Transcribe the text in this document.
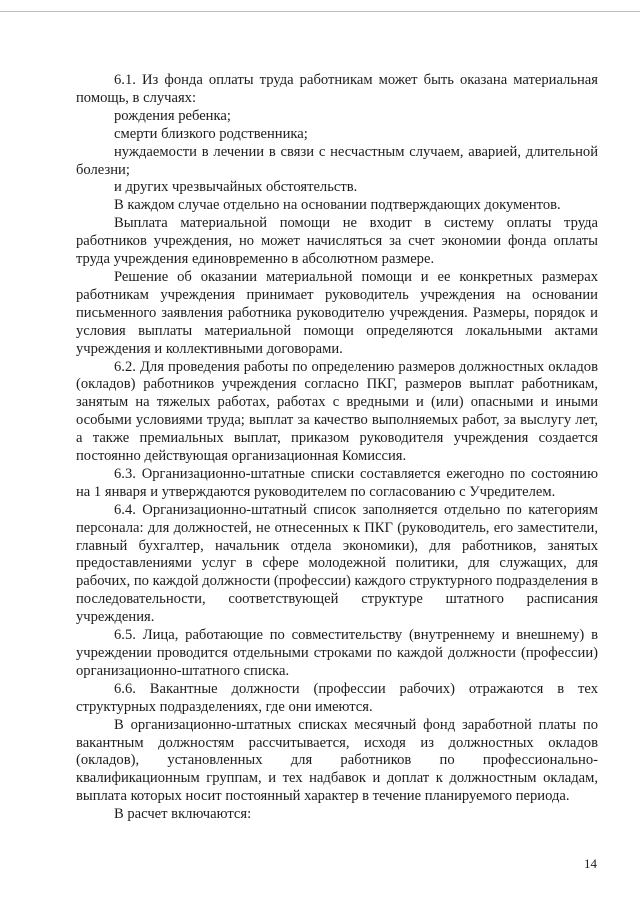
6.1. Из фонда оплаты труда работникам может быть оказана материальная помощь, в случаях:

рождения ребенка;

смерти близкого родственника;

нуждаемости в лечении в связи с несчастным случаем, аварией, длительной болезни;

и других чрезвычайных обстоятельств.

В каждом случае отдельно на основании подтверждающих документов.

Выплата материальной помощи не входит в систему оплаты труда работников учреждения, но может начисляться за счет экономии фонда оплаты труда учреждения единовременно в абсолютном размере.

Решение об оказании материальной помощи и ее конкретных размерах работникам учреждения принимает руководитель учреждения на основании письменного заявления работника руководителю учреждения. Размеры, порядок и условия выплаты материальной помощи определяются локальными актами учреждения и коллективными договорами.

6.2. Для проведения работы по определению размеров должностных окладов (окладов) работников учреждения согласно ПКГ, размеров выплат работникам, занятым на тяжелых работах, работах с вредными и (или) опасными и иными особыми условиями труда; выплат за качество выполняемых работ, за выслугу лет, а также премиальных выплат, приказом руководителя учреждения создается постоянно действующая организационная Комиссия.

6.3. Организационно-штатные списки составляется ежегодно по состоянию на 1 января и утверждаются руководителем по согласованию с Учредителем.

6.4. Организационно-штатный список заполняется отдельно по категориям персонала: для должностей, не отнесенных к ПКГ (руководитель, его заместители, главный бухгалтер, начальник отдела экономики), для работников, занятых предоставлениями услуг в сфере молодежной политики, для служащих, для рабочих, по каждой должности (профессии) каждого структурного подразделения в последовательности, соответствующей структуре штатного расписания учреждения.

6.5. Лица, работающие по совместительству (внутреннему и внешнему) в учреждении проводится отдельными строками по каждой должности (профессии) организационно-штатного списка.

6.6. Вакантные должности (профессии рабочих) отражаются в тех структурных подразделениях, где они имеются.

В организационно-штатных списках месячный фонд заработной платы по вакантным должностям рассчитывается, исходя из должностных окладов (окладов), установленных для работников по профессионально-квалификационным группам, и тех надбавок и доплат к должностным окладам, выплата которых носит постоянный характер в течение планируемого периода.

В расчет включаются:

14
